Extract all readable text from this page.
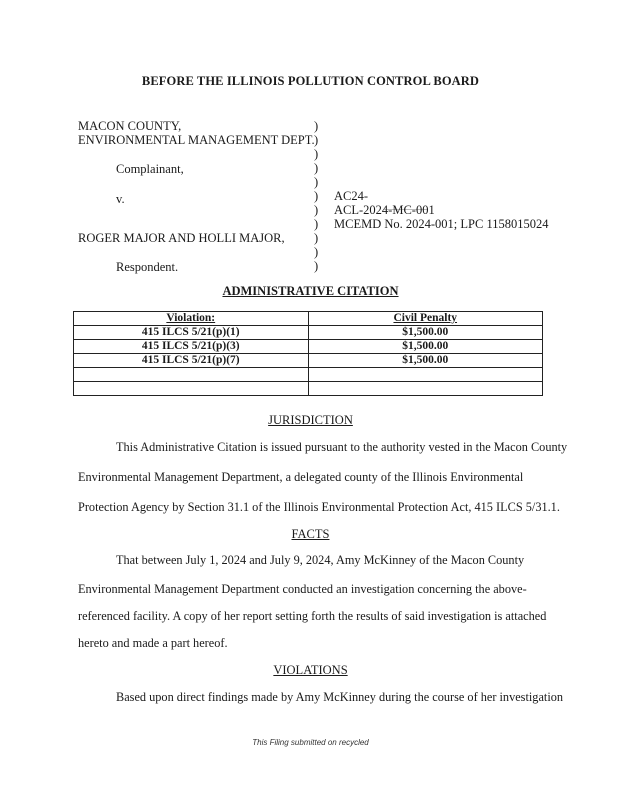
BEFORE THE ILLINOIS POLLUTION CONTROL BOARD
MACON COUNTY,
ENVIRONMENTAL MANAGEMENT DEPT.
Complainant,
v.
ROGER MAJOR AND HOLLI MAJOR,
Respondent.
)
)
)
)
)
)
)
)
)
)
)
AC24-
ACL-2024-MC-001
MCEMD No. 2024-001; LPC 1158015024
ADMINISTRATIVE CITATION
Violation:	Civil Penalty
415 ILCS 5/21(p)(1)	$1,500.00
415 ILCS 5/21(p)(3)	$1,500.00
415 ILCS 5/21(p)(7)	$1,500.00

JURISDICTION
This Administrative Citation is issued pursuant to the authority vested in the Macon County
Environmental Management Department, a delegated county of the Illinois Environmental
Protection Agency by Section 31.1 of the Illinois Environmental Protection Act, 415 ILCS 5/31.1.
FACTS
That between July 1, 2024 and July 9, 2024, Amy McKinney of the Macon County
Environmental Management Department conducted an investigation concerning the above-
referenced facility. A copy of her report setting forth the results of said investigation is attached
hereto and made a part hereof.
VIOLATIONS
Based upon direct findings made by Amy McKinney during the course of her investigation
This Filing submitted on recycled
